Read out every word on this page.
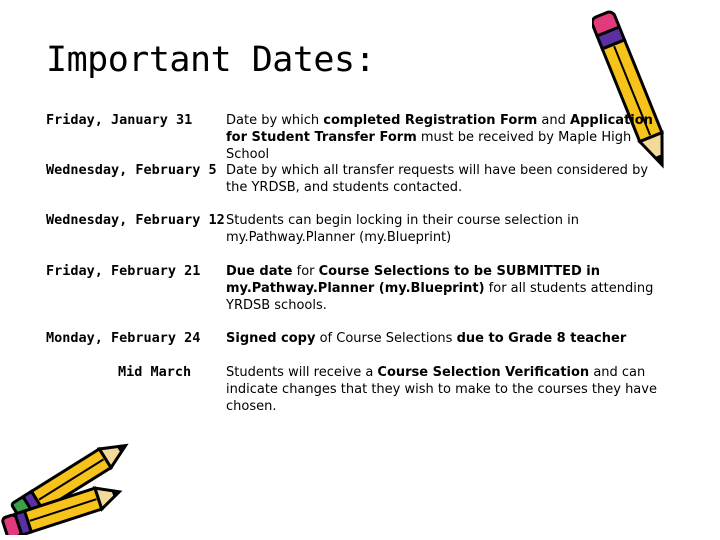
Important Dates:
Friday, January 31	Date by which completed Registration Form and Application for Student Transfer Form must be received by Maple High School
Wednesday, February 5 Date by which all transfer requests will have been considered by the YRDSB, and students contacted.
Wednesday, February 12 Students can begin locking in their course selection in my.Pathway.Planner (my.Blueprint)
Friday, February 21 Due date for Course Selections to be SUBMITTED in my.Pathway.Planner (my.Blueprint) for all students attending YRDSB schools.
Monday, February 24 Signed copy of Course Selections due to Grade 8 teacher
Mid March	Students will receive a Course Selection Verification and can indicate changes that they wish to make to the courses they have chosen.
